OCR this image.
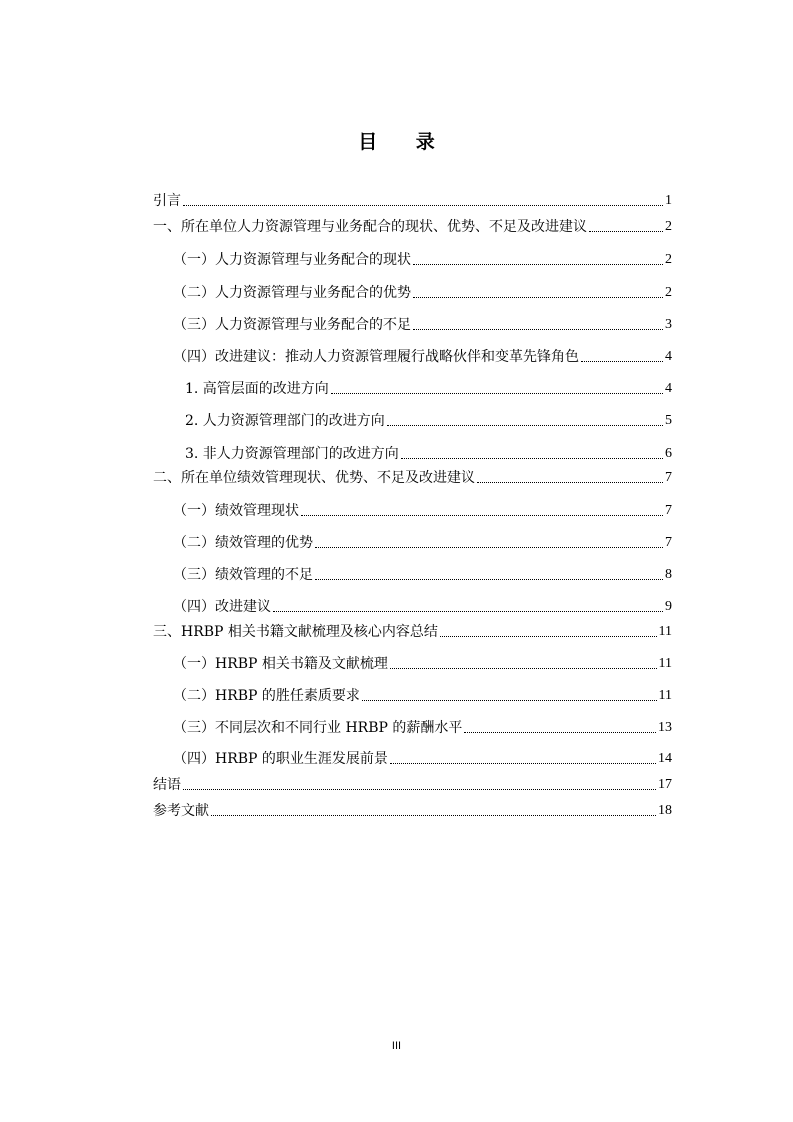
目 录
引言	1
一、所在单位人力资源管理与业务配合的现状、优势、不足及改进建议	2
（一）人力资源管理与业务配合的现状	2
（二）人力资源管理与业务配合的优势	2
（三）人力资源管理与业务配合的不足	3
（四）改进建议：推动人力资源管理履行战略伙伴和变革先锋角色	4
1. 高管层面的改进方向	4
2. 人力资源管理部门的改进方向	5
3. 非人力资源管理部门的改进方向	6
二、所在单位绩效管理现状、优势、不足及改进建议	7
（一）绩效管理现状	7
（二）绩效管理的优势	7
（三）绩效管理的不足	8
（四）改进建议	9
三、HRBP 相关书籍文献梳理及核心内容总结	11
（一）HRBP 相关书籍及文献梳理	11
（二）HRBP 的胜任素质要求	11
（三）不同层次和不同行业 HRBP 的薪酬水平	13
（四）HRBP 的职业生涯发展前景	14
结语	17
参考文献	18
III
